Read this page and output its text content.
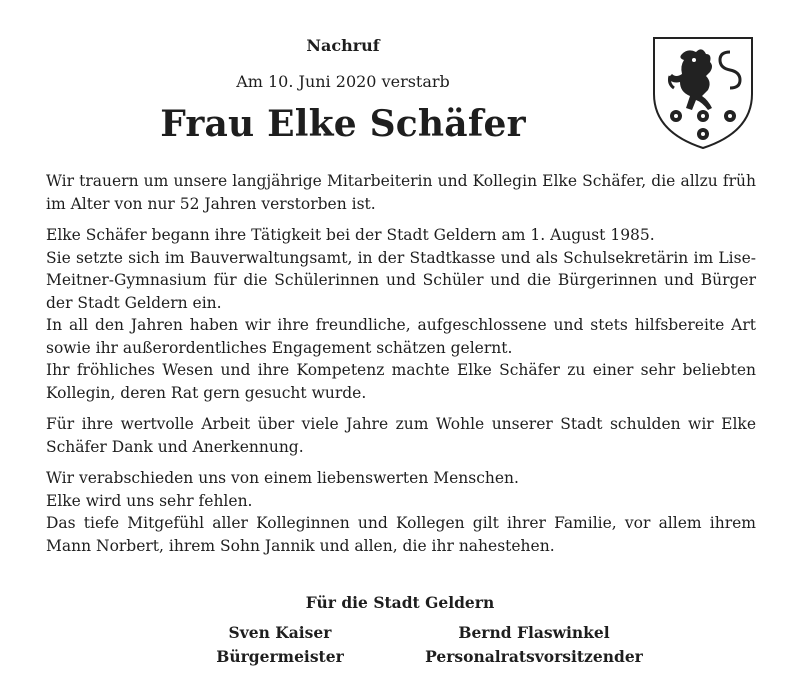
Nachruf
Am 10. Juni 2020 verstarb
Frau Elke Schäfer

Wir trauern um unsere langjährige Mitarbeiterin und Kollegin Elke Schäfer, die allzu früh im Alter von nur 52 Jahren verstorben ist.

Elke Schäfer begann ihre Tätigkeit bei der Stadt Geldern am 1. August 1985.
Sie setzte sich im Bauverwaltungsamt, in der Stadtkasse und als Schulsekretärin im Lise-Meitner-Gymnasium für die Schülerinnen und Schüler und die Bürgerinnen und Bürger der Stadt Geldern ein.
In all den Jahren haben wir ihre freundliche, aufgeschlossene und stets hilfsbereite Art sowie ihr außerordentliches Engagement schätzen gelernt.
Ihr fröhliches Wesen und ihre Kompetenz machte Elke Schäfer zu einer sehr beliebten Kollegin, deren Rat gern gesucht wurde.

Für ihre wertvolle Arbeit über viele Jahre zum Wohle unserer Stadt schulden wir Elke Schäfer Dank und Anerkennung.

Wir verabschieden uns von einem liebenswerten Menschen.
Elke wird uns sehr fehlen.
Das tiefe Mitgefühl aller Kolleginnen und Kollegen gilt ihrer Familie, vor allem ihrem Mann Norbert, ihrem Sohn Jannik und allen, die ihr nahestehen.

Für die Stadt Geldern
Sven Kaiser
Bürgermeister
Bernd Flaswinkel
Personalratsvorsitzender
